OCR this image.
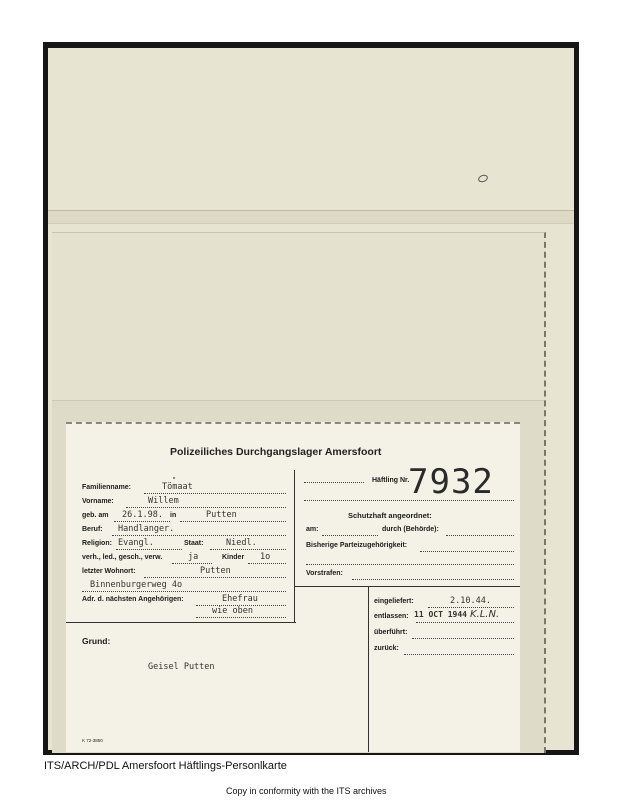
Polizeiliches Durchgangslager Amersfoort
Familienname:
"
Tömaat
Vorname:	Willem
geb. am 26.1.98. in	Putten
Beruf: Handlanger.
Religion: Evangl.	Staat:	Niedl.
verh., led., gesch., verw.	ja	Kinder 1o
letzter Wohnort:	Putten
Binnenburgerweg 4o
Adr. d. nächsten Angehörigen:	Ehefrau
wie oben
Grund:
Geisel Putten
K 72-3850
Häftling Nr.
7932
Schutzhaft angeordnet:
am:	durch (Behörde):
Bisherige Parteizugehörigkeit:
Vorstrafen:
eingeliefert:	2.10.44.
entlassen: 11 OCT 1944 K.L.N.
überführt:
zurück:
ITS/ARCH/PDL Amersfoort Häftlings-Personlkarte
Copy in conformity with the ITS archives
